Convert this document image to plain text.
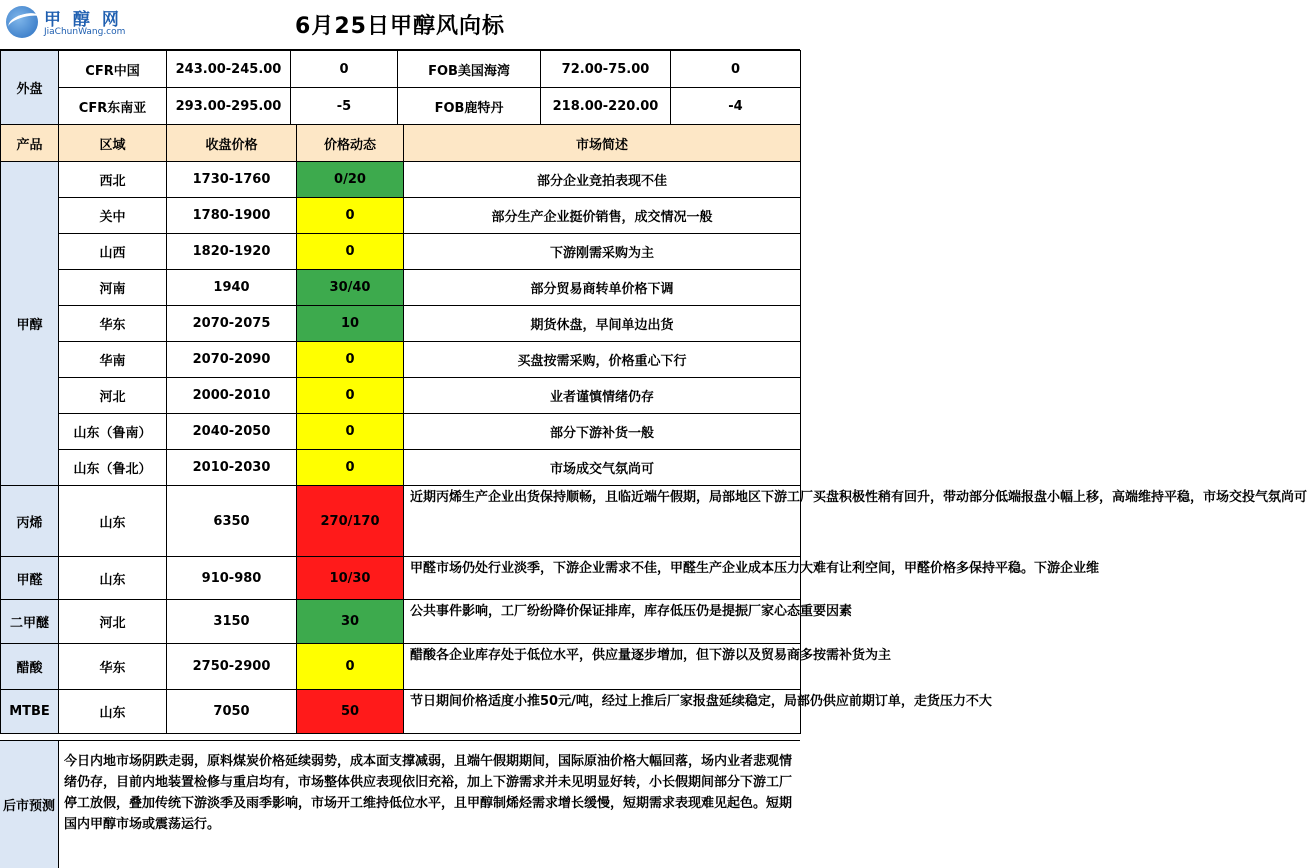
甲 醇 网
JiaChunWang.com	6月25日甲醇风向标
外盘	CFR中国	243.00-245.00	0	FOB美国海湾	72.00-75.00	0
	CFR东南亚	293.00-295.00	-5	FOB鹿特丹	218.00-220.00	-4
产品	区域	收盘价格	价格动态	市场简述
甲醇	西北	1730-1760	0/20	部分企业竞拍表现不佳
	关中	1780-1900	0	部分生产企业挺价销售，成交情况一般
	山西	1820-1920	0	下游刚需采购为主
	河南	1940	30/40	部分贸易商转单价格下调
	华东	2070-2075	10	期货休盘，早间单边出货
	华南	2070-2090	0	买盘按需采购，价格重心下行
	河北	2000-2010	0	业者谨慎情绪仍存
	山东（鲁南）	2040-2050	0	部分下游补货一般
	山东（鲁北）	2010-2030	0	市场成交气氛尚可
丙烯	山东	6350	270/170	近期丙烯生产企业出货保持顺畅，且临近端午假期，局部地区下游工厂买盘积极性稍有回升，带动部分低端报盘小幅上移，高端维持平稳，市场交投气氛尚可
甲醛	山东	910-980	10/30	甲醛市场仍处行业淡季，下游企业需求不佳，甲醛生产企业成本压力大难有让利空间，甲醛价格多保持平稳。下游企业维
二甲醚	河北	3150	30	公共事件影响，工厂纷纷降价保证排库，库存低压仍是提振厂家心态重要因素
醋酸	华东	2750-2900	0	醋酸各企业库存处于低位水平，供应量逐步增加，但下游以及贸易商多按需补货为主
MTBE	山东	7050	50	节日期间价格适度小推50元/吨，经过上推后厂家报盘延续稳定，局部仍供应前期订单，走货压力不大
后市预测
今日内地市场阴跌走弱，原料煤炭价格延续弱势，成本面支撑减弱，且端午假期期间，国际原油价格大幅回落，场内业者悲观情绪仍存，目前内地装置检修与重启均有，市场整体供应表现依旧充裕，加上下游需求并未见明显好转，小长假期间部分下游工厂停工放假，叠加传统下游淡季及雨季影响，市场开工维持低位水平，且甲醇制烯烃需求增长缓慢，短期需求表现难见起色。短期国内甲醇市场或震荡运行。
